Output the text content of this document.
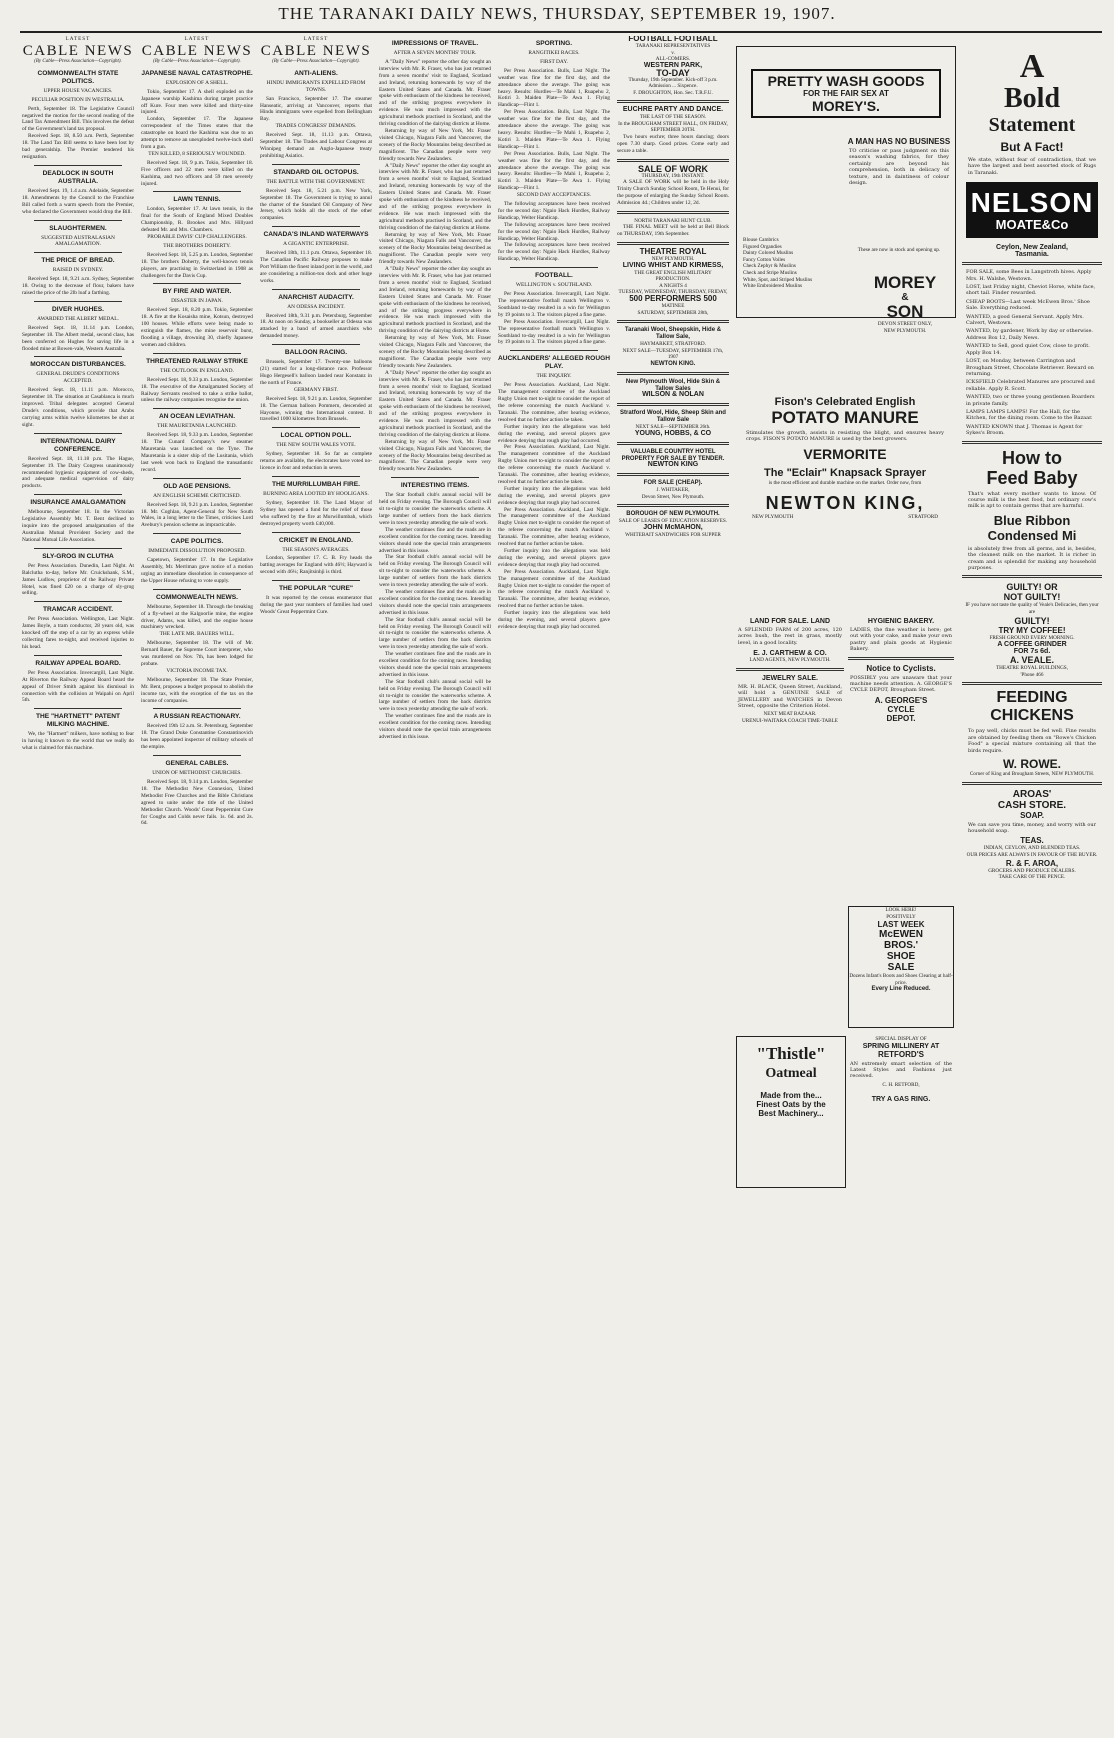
THE TARANAKI DAILY NEWS, THURSDAY, SEPTEMBER 19, 1907.
LATEST
CABLE NEWS
(By Cable—Press Association—Copyright).
COMMONWEALTH STATE POLITICS.
UPPER HOUSE VACANCIES.
PECULIAR POSITION IN WESTRALIA.

Perth, September 18. The Legislative Council negatived the motion for the second reading of the Land Tax Amendment Bill. This involves the defeat of the Government's land tax proposal.

Received Sept. 18, 8.50 a.m. Perth, September 18. The Land Tax Bill seems to have been lost by bad generalship. The Premier tendered his resignation.

DEADLOCK IN SOUTH AUSTRALIA.

Received Sept. 19, 1.4 a.m. Adelaide, September 18. Amendments by the Council to the Franchise Bill called forth a warm speech from the Premier, who declared the Government would drop the Bill.

SLAUGHTERMEN.
SUGGESTED AUSTRALASIAN AMALGAMATION.
THE PRICE OF BREAD.
RAISED IN SYDNEY.

Received Sept. 18, 9.21 a.m. Sydney, September 18. Owing to the decrease of flour, bakers have raised the price of the 2lb loaf a farthing.

DIVER HUGHES.
AWARDED THE ALBERT MEDAL.

Received Sept. 18, 11.14 p.m. London, September 18. The Albert medal, second class, has been conferred on Hughes for saving life in a flooded mine at Bowen-vale, Western Australia.

MOROCCAN DISTURBANCES.
GENERAL DRUDE'S CONDITIONS ACCEPTED.

Received Sept. 18, 11.11 p.m. Morocco, September 18. The situation at Casablanca is much improved. Tribal delegates accepted General Drude's conditions, which provide that Arabs carrying arms within twelve kilometres be shot at sight.

INTERNATIONAL DAIRY CONFERENCE.

Received Sept. 18, 11.18 p.m. The Hague, September 19. The Dairy Congress unanimously recommended hygienic equipment of cow-sheds, and adequate medical supervision of dairy products.

INSURANCE AMALGAMATION

Melbourne, September 18. In the Victorian Legislative Assembly Mr. T. Bent declined to inquire into the proposed amalgamation of the Australian Mutual Provident Society and the National Mutual Life Association.

SLY-GROG IN CLUTHA

Per Press Association. Dunedin, Last Night. At Balclutha to-day, before Mr. Cruickshank, S.M., James Ludlow, proprietor of the Railway Private Hotel, was fined £20 on a charge of sly-grog selling.

TRAMCAR ACCIDENT.

Per Press Association. Wellington, Last Night. James Boyle, a tram conductor, 28 years old, was knocked off the step of a car by an express while collecting fares to-night, and received injuries to his head.

RAILWAY APPEAL BOARD.

Per Press Association. Invercargill, Last Night. At Riverton the Railway Appeal Board heard the appeal of Driver Smith against his dismissal in connection with the collision at Waipahi on April 5th.

THE "HARTNETT" PATENT MILKING MACHINE.

We, the "Hartnett" milkers, have nothing to fear in having it known to the world that we really do what is claimed for this machine.

LATEST
CABLE NEWS
(By Cable—Press Association—Copyright).
JAPANESE NAVAL CATASTROPHE.
EXPLOSION OF A SHELL.

Tokio, September 17. A shell exploded on the Japanese warship Kashima during target practice off Kure. Four men were killed and thirty-nine injured.

London, September 17. The Japanese correspondent of the Times states that the catastrophe on board the Kashima was due to an attempt to remove an unexploded twelve-inch shell from a gun.

TEN KILLED, 8 SERIOUSLY WOUNDED.

Received Sept. 18, 9 p.m. Tokio, September 18. Five officers and 22 men were killed on the Kashima, and two officers and 59 men severely injured.

LAWN TENNIS.

London, September 17. At lawn tennis, in the final for the South of England Mixed Doubles Championship, R. Brookes and Mrs. Hillyard defeated Mr. and Mrs. Chambers.

PROBABLE DAVIS' CUP CHALLENGERS.
THE BROTHERS DOHERTY.

Received Sept. 18, 5.25 p.m. London, September 18. The brothers Doherty, the well-known tennis players, are practising in Switzerland in 1908 as challengers for the Davis Cup.

BY FIRE AND WATER.
DISASTER IN JAPAN.

Received Sept. 18, 8.20 p.m. Tokio, September 18. A fire at the Kosaisha mine, Kotsun, destroyed 100 houses. While efforts were being made to extinguish the flames, the mine reservoir burst, flooding a village, drowning 30, chiefly Japanese women and children.

THREATENED RAILWAY STRIKE
THE OUTLOOK IN ENGLAND.

Received Sept. 18, 9.33 p.m. London, September 18. The executive of the Amalgamated Society of Railway Servants resolved to take a strike ballot, unless the railway companies recognise the union.

AN OCEAN LEVIATHAN.
THE MAURETANIA LAUNCHED.

Received Sept. 18, 9.33 p.m. London, September 18. The Cunard Company's new steamer Mauretania was launched on the Tyne. The Mauretania is a sister ship of the Lusitania, which last week won back to England the transatlantic record.

OLD AGE PENSIONS.
AN ENGLISH SCHEME CRITICISED.

Received Sept. 18, 9.21 p.m. London, September 18. Mr. Coghlan, Agent-General for New South Wales, in a long letter to the Times, criticises Lord Avebury's pension scheme as impracticable.

CAPE POLITICS.
IMMEDIATE DISSOLUTION PROPOSED.

Capetown, September 17. In the Legislative Assembly, Mr. Merriman gave notice of a motion urging an immediate dissolution in consequence of the Upper House refusing to vote supply.

COMMONWEALTH NEWS.

Melbourne, September 18. Through the breaking of a fly-wheel at the Kalgoorlie mine, the engine driver, Adams, was killed, and the engine house machinery wrecked.

THE LATE MR. BAUERS WILL.

Melbourne, September 18. The will of Mr. Bernard Bauer, the Supreme Court interpreter, who was murdered on Nov. 7th, has been lodged for probate.

VICTORIA INCOME TAX.

Melbourne, September 18. The State Premier, Mr. Bent, proposes a budget proposal to abolish the income tax, with the exception of the tax on the income of companies.

A RUSSIAN REACTIONARY.

Received 19th 12 a.m. St. Petersburg, September 18. The Grand Duke Constantine Constantinovich has been appointed inspector of military schools of the empire.

GENERAL CABLES.
UNION OF METHODIST CHURCHES.

Received Sept. 18, 9.14 p.m. London, September 18. The Methodist New Connexion, United Methodist Free Churches and the Bible Christians agreed to unite under the title of the United Methodist Church. Woods' Great Peppermint Cure for Coughs and Colds never fails. 1s. 6d. and 2s. 6d.

LATEST
CABLE NEWS
(By Cable—Press Association—Copyright).
ANTI-ALIENS.
HINDU IMMIGRANTS EXPELLED FROM TOWNS.

San Francisco, September 17. The steamer Hanseatic, arriving at Vancouver, reports that Hindu immigrants were expelled from Bellingham Bay.

TRADES CONGRESS' DEMANDS.

Received Sept. 18, 11.13 p.m. Ottawa, September 18. The Trades and Labour Congress at Winnipeg demand an Anglo-Japanese treaty prohibiting Asiatics.

STANDARD OIL OCTOPUS.
THE BATTLE WITH THE GOVERNMENT.

Received Sept. 18, 5.21 p.m. New York, September 18. The Government is trying to annul the charter of the Standard Oil Company of New Jersey, which holds all the stock of the other companies.

CANADA'S INLAND WATERWAYS
A GIGANTIC ENTERPRISE.

Received 18th, 11.1 p.m. Ottawa, September 18. The Canadian Pacific Railway proposes to make Port William the finest inland port in the world, and are considering a million-ton dock and other huge works.

ANARCHIST AUDACITY.
AN ODESSA INCIDENT.

Received 18th, 9.31 p.m. Petersburg, September 18. At noon on Sunday, a bookseller at Odessa was attacked by a band of armed anarchists who demanded money.

BALLOON RACING.

Brussels, September 17. Twenty-one balloons (21) started for a long-distance race. Professor Hugo Hergesell's balloon landed near Konstanz in the north of France.

GERMANY FIRST.

Received Sept. 18, 9.21 p.m. London, September 18. The German balloon Pommern, descended at Hayonne, winning the International contest. It travelled 1000 kilometres from Brussels.

LOCAL OPTION POLL.
THE NEW SOUTH WALES VOTE.

Sydney, September 18. So far as complete returns are available, the electorates have voted no-licence in four and reduction in seven.

THE MURRILLUMBAH FIRE.
BURNING AREA LOOTED BY HOOLIGANS.

Sydney, September 18. The Land Mayor of Sydney has opened a fund for the relief of those who suffered by the fire at Murwillumbah, which destroyed property worth £40,000.

CRICKET IN ENGLAND.
THE SEASON'S AVERAGES.

London, September 17. C. B. Fry heads the batting averages for England with 46½; Hayward is second with 46¼; Ranjitsinhji is third.

THE POPULAR "CURE"

It was reported by the census enumerator that during the past year numbers of families had used Woods' Great Peppermint Cure.

IMPRESSIONS OF TRAVEL.
AFTER A SEVEN MONTHS' TOUR.

A "Daily News" reporter the other day sought an interview with Mr. R. Fraser, who has just returned from a seven months' visit to England, Scotland and Ireland, returning homewards by way of the Eastern United States and Canada. Mr. Fraser spoke with enthusiasm of the kindness he received, and of the striking progress everywhere in evidence. He was much impressed with the agricultural methods practised in Scotland, and the thriving condition of the dairying districts at Home.

Returning by way of New York, Mr. Fraser visited Chicago, Niagara Falls and Vancouver, the scenery of the Rocky Mountains being described as magnificent. The Canadian people were very friendly towards New Zealanders.

A "Daily News" reporter the other day sought an interview with Mr. R. Fraser, who has just returned from a seven months' visit to England, Scotland and Ireland, returning homewards by way of the Eastern United States and Canada. Mr. Fraser spoke with enthusiasm of the kindness he received, and of the striking progress everywhere in evidence. He was much impressed with the agricultural methods practised in Scotland, and the thriving condition of the dairying districts at Home.

Returning by way of New York, Mr. Fraser visited Chicago, Niagara Falls and Vancouver, the scenery of the Rocky Mountains being described as magnificent. The Canadian people were very friendly towards New Zealanders.

A "Daily News" reporter the other day sought an interview with Mr. R. Fraser, who has just returned from a seven months' visit to England, Scotland and Ireland, returning homewards by way of the Eastern United States and Canada. Mr. Fraser spoke with enthusiasm of the kindness he received, and of the striking progress everywhere in evidence. He was much impressed with the agricultural methods practised in Scotland, and the thriving condition of the dairying districts at Home.

Returning by way of New York, Mr. Fraser visited Chicago, Niagara Falls and Vancouver, the scenery of the Rocky Mountains being described as magnificent. The Canadian people were very friendly towards New Zealanders.

A "Daily News" reporter the other day sought an interview with Mr. R. Fraser, who has just returned from a seven months' visit to England, Scotland and Ireland, returning homewards by way of the Eastern United States and Canada. Mr. Fraser spoke with enthusiasm of the kindness he received, and of the striking progress everywhere in evidence. He was much impressed with the agricultural methods practised in Scotland, and the thriving condition of the dairying districts at Home.

Returning by way of New York, Mr. Fraser visited Chicago, Niagara Falls and Vancouver, the scenery of the Rocky Mountains being described as magnificent. The Canadian people were very friendly towards New Zealanders.

INTERESTING ITEMS.

The Star football club's annual social will be held on Friday evening. The Borough Council will sit to-night to consider the waterworks scheme. A large number of settlers from the back districts were in town yesterday attending the sale of work.

The weather continues fine and the roads are in excellent condition for the coming races. Intending visitors should note the special train arrangements advertised in this issue.

The Star football club's annual social will be held on Friday evening. The Borough Council will sit to-night to consider the waterworks scheme. A large number of settlers from the back districts were in town yesterday attending the sale of work.

The weather continues fine and the roads are in excellent condition for the coming races. Intending visitors should note the special train arrangements advertised in this issue.

The Star football club's annual social will be held on Friday evening. The Borough Council will sit to-night to consider the waterworks scheme. A large number of settlers from the back districts were in town yesterday attending the sale of work.

The weather continues fine and the roads are in excellent condition for the coming races. Intending visitors should note the special train arrangements advertised in this issue.

The Star football club's annual social will be held on Friday evening. The Borough Council will sit to-night to consider the waterworks scheme. A large number of settlers from the back districts were in town yesterday attending the sale of work.

The weather continues fine and the roads are in excellent condition for the coming races. Intending visitors should note the special train arrangements advertised in this issue.

SPORTING.
RANGITIKEI RACES.
FIRST DAY.

Per Press Association. Bulls, Last Night. The weather was fine for the first day, and the attendance above the average. The going was heavy. Results: Hurdles—Te Mahi 1, Ruapehu 2, Kotiri 3. Maiden Plate—Te Awa 1. Flying Handicap—Flint 1.

Per Press Association. Bulls, Last Night. The weather was fine for the first day, and the attendance above the average. The going was heavy. Results: Hurdles—Te Mahi 1, Ruapehu 2, Kotiri 3. Maiden Plate—Te Awa 1. Flying Handicap—Flint 1.

Per Press Association. Bulls, Last Night. The weather was fine for the first day, and the attendance above the average. The going was heavy. Results: Hurdles—Te Mahi 1, Ruapehu 2, Kotiri 3. Maiden Plate—Te Awa 1. Flying Handicap—Flint 1.

SECOND DAY ACCEPTANCES.

The following acceptances have been received for the second day: Ngaio Hack Hurdles, Railway Handicap, Welter Handicap.

The following acceptances have been received for the second day: Ngaio Hack Hurdles, Railway Handicap, Welter Handicap.

The following acceptances have been received for the second day: Ngaio Hack Hurdles, Railway Handicap, Welter Handicap.

FOOTBALL.
WELLINGTON v. SOUTHLAND.

Per Press Association. Invercargill, Last Night. The representative football match Wellington v. Southland to-day resulted in a win for Wellington by 19 points to 3. The visitors played a fine game.

Per Press Association. Invercargill, Last Night. The representative football match Wellington v. Southland to-day resulted in a win for Wellington by 19 points to 3. The visitors played a fine game.

AUCKLANDERS' ALLEGED ROUGH PLAY.
THE INQUIRY.

Per Press Association. Auckland, Last Night. The management committee of the Auckland Rugby Union met to-night to consider the report of the referee concerning the match Auckland v. Taranaki. The committee, after hearing evidence, resolved that no further action be taken.

Further inquiry into the allegations was held during the evening, and several players gave evidence denying that rough play had occurred.

Per Press Association. Auckland, Last Night. The management committee of the Auckland Rugby Union met to-night to consider the report of the referee concerning the match Auckland v. Taranaki. The committee, after hearing evidence, resolved that no further action be taken.

Further inquiry into the allegations was held during the evening, and several players gave evidence denying that rough play had occurred.

Per Press Association. Auckland, Last Night. The management committee of the Auckland Rugby Union met to-night to consider the report of the referee concerning the match Auckland v. Taranaki. The committee, after hearing evidence, resolved that no further action be taken.

Further inquiry into the allegations was held during the evening, and several players gave evidence denying that rough play had occurred.

Per Press Association. Auckland, Last Night. The management committee of the Auckland Rugby Union met to-night to consider the report of the referee concerning the match Auckland v. Taranaki. The committee, after hearing evidence, resolved that no further action be taken.

Further inquiry into the allegations was held during the evening, and several players gave evidence denying that rough play had occurred.

FOOTBALL FOOTBALL
TARANAKI REPRESENTATIVES
v.
ALL-COMERS.
WESTERN PARK,
TO-DAY
Thursday, 19th September. Kick-off 3 p.m.
Admission ... Sixpence.
F. DROUGHTON, Hon. Sec. T.R.F.U.
EUCHRE PARTY AND DANCE.
THE LAST OF THE SEASON.
In the BROUGHAM STREET HALL, ON FRIDAY, SEPTEMBER 20TH.

Two hours euchre; three hours dancing; doors open 7.30 sharp. Good prizes. Come early and secure a table.

SALE OF WORK
THURSDAY, 19th INSTANT.

A SALE OF WORK will be held in the Holy Trinity Church Sunday School Room, Te Henui, for the purpose of enlarging the Sunday School Room. Admission 4d.; Children under 12, 2d.

NORTH TARANAKI HUNT CLUB.

THE FINAL MEET will be held at Bell Block on THURSDAY, 19th September.

THEATRE ROYAL
NEW PLYMOUTH.
LIVING WHIST AND KIRMESS,
THE GREAT ENGLISH MILITARY PRODUCTION.
A NIGHTS 4
TUESDAY, WEDNESDAY, THURSDAY, FRIDAY,
500 PERFORMERS 500
MATINEE
SATURDAY, SEPTEMBER 28th,
Taranaki Wool, Sheepskin, Hide & Tallow Sale,
HAYMARKET, STRATFORD.
NEXT SALE—TUESDAY, SEPTEMBER 17th, 1907
NEWTON KING.
New Plymouth Wool, Hide Skin & Tallow Sales
WILSON & NOLAN
Stratford Wool, Hide, Sheep Skin and Tallow Sale
NEXT SALE—SEPTEMBER 26th.
YOUNG, HOBBS, & CO
VALUABLE COUNTRY HOTEL PROPERTY FOR SALE BY TENDER.
NEWTON KING
FOR SALE (CHEAP).
J. WHITAKER,
Devon Street, New Plymouth.
BOROUGH OF NEW PLYMOUTH.
SALE OF LEASES OF EDUCATION RESERVES.
JOHN McMAHON,
WHITEBAIT SANDWICHES FOR SUPPER
PRETTY WASH GOODS
FOR THE FAIR SEX AT
MOREY'S.
A MAN HAS NO BUSINESS

TO criticise or pass judgment on this season's washing fabrics, for they certainly are beyond his comprehension, both in delicacy of texture, and in daintiness of colour design.

Blouse Cambrics
Figured Organdies
Dainty Colored Muslins
Fancy Cotton Voiles
Check Zephyr & Muslins
Check and Stripe Muslins
White, Spot, and Striped Muslins
White Embroidered Muslins
These are now in stock and opening up.
MOREY
&
SON
DEVON STREET ONLY,
NEW PLYMOUTH.
Fison's Celebrated English
POTATO MANURE

Stimulates the growth, assists in resisting the blight, and ensures heavy crops. FISON'S POTATO MANURE is used by the best growers.

VERMORITE
The "Eclair" Knapsack Sprayer
is the most efficient and durable machine on the market. Order now, from
NEWTON KING,
NEW PLYMOUTH	STRATFORD
LAND FOR SALE. LAND

A SPLENDID FARM of 200 acres, 120 acres bush, the rest in grass, mostly level, in a good locality.

E. J. CARTHEW & CO.
LAND AGENTS, NEW PLYMOUTH.
JEWELRY SALE.

MR. H. BLACK, Queen Street, Auckland, will hold a GENUINE SALE of JEWELLERY and WATCHES in Devon Street, opposite the Criterion Hotel.

NEXT MEAT BAZAAR.
URENUI-WAITARA COACH TIME-TABLE
HYGIENIC BAKERY.

LADIES, the fine weather is here; get out with your cake, and make your own pastry and plain goods at Hygienic Bakery.

Notice to Cyclists.

POSSIBLY you are unaware that your machine needs attention. A. GEORGE'S CYCLE DEPOT, Brougham Street.

A. GEORGE'S
CYCLE
DEPOT.
LOOK HERE!
POSITIVELY
LAST WEEK
McEWEN
BROS.'
SHOE
SALE
Dozens Infant's Boots and Shoes Clearing at half-price.
Every Line Reduced.
"Thistle"
Oatmeal
Made from the...
Finest Oats by the
Best Machinery...
SPECIAL DISPLAY OF
SPRING MILLINERY AT
RETFORD'S

AN extremely smart selection of the Latest Styles and Fashions just received.

C. H. RETFORD,
TRY A GAS RING.
A
Bold
Statement
But A Fact!

We state, without fear of contradiction, that we have the largest and best assorted stock of Rugs in Taranaki.

NELSON
MOATE&Co
Ceylon, New Zealand,
Tasmania.

FOR SALE, some Bees in Langstroth hives. Apply Mrs. H. Walshe, Westown.

LOST, last Friday night, Cheviot Horse, white face, short tail. Finder rewarded.

CHEAP BOOTS—Last week McEwen Bros.' Shoe Sale. Everything reduced.

WANTED, a good General Servant. Apply Mrs. Calvert, Westown.

WANTED, by gardener, Work by day or otherwise. Address Box 12, Daily News.

WANTED to Sell, good quiet Cow, close to profit. Apply Box 14.

LOST, on Monday, between Carrington and Brougham Street, Chocolate Retriever. Reward on returning.

ICKSFIELD Celebrated Manures are procured and reliable. Apply R. Scott.

WANTED, two or three young gentlemen Boarders in private family.

LAMPS LAMPS LAMPS! For the Hall, for the Kitchen, for the dining room. Come to the Bazaar.

WANTED KNOWN that J. Thomas is Agent for Sykes's Broom.

How to
Feed Baby

That's what every mother wants to know. Of course milk is the best food, but ordinary cow's milk is apt to contain germs that are harmful.

Blue Ribbon
Condensed Mi

is absolutely free from all germs, and is, besides, the cleanest milk on the market. It is richer in cream and is splendid for making any household purposes.

GUILTY! OR
NOT GUILTY!
IF you have not taste the quality of Veale's Delicacies, then your are
GUILTY!
TRY MY COFFEE!
FRESH GROUND EVERY MORNING.
A COFFEE GRINDER
FOR 7s 6d.
A. VEALE.
THEATRE ROYAL BUILDINGS,
'Phone 466
FEEDING
CHICKENS

To pay well, chicks must be fed well. Fine results are obtained by feeding them on "Rowe's Chicken Food" a special mixture containing all that the birds require.

W. ROWE.
Corner of King and Brougham Streets, NEW PLYMOUTH.
AROAS'
CASH STORE.
SOAP.

We can save you time, money, and worry with our household soap.

TEAS.
INDIAN, CEYLON, AND BLENDED TEAS.
OUR PRICES ARE ALWAYS IN FAVOUR OF THE BUYER.
R. & F. AROA,
GROCERS AND PRODUCE DEALERS.
TAKE CARE OF THE PENCE.
